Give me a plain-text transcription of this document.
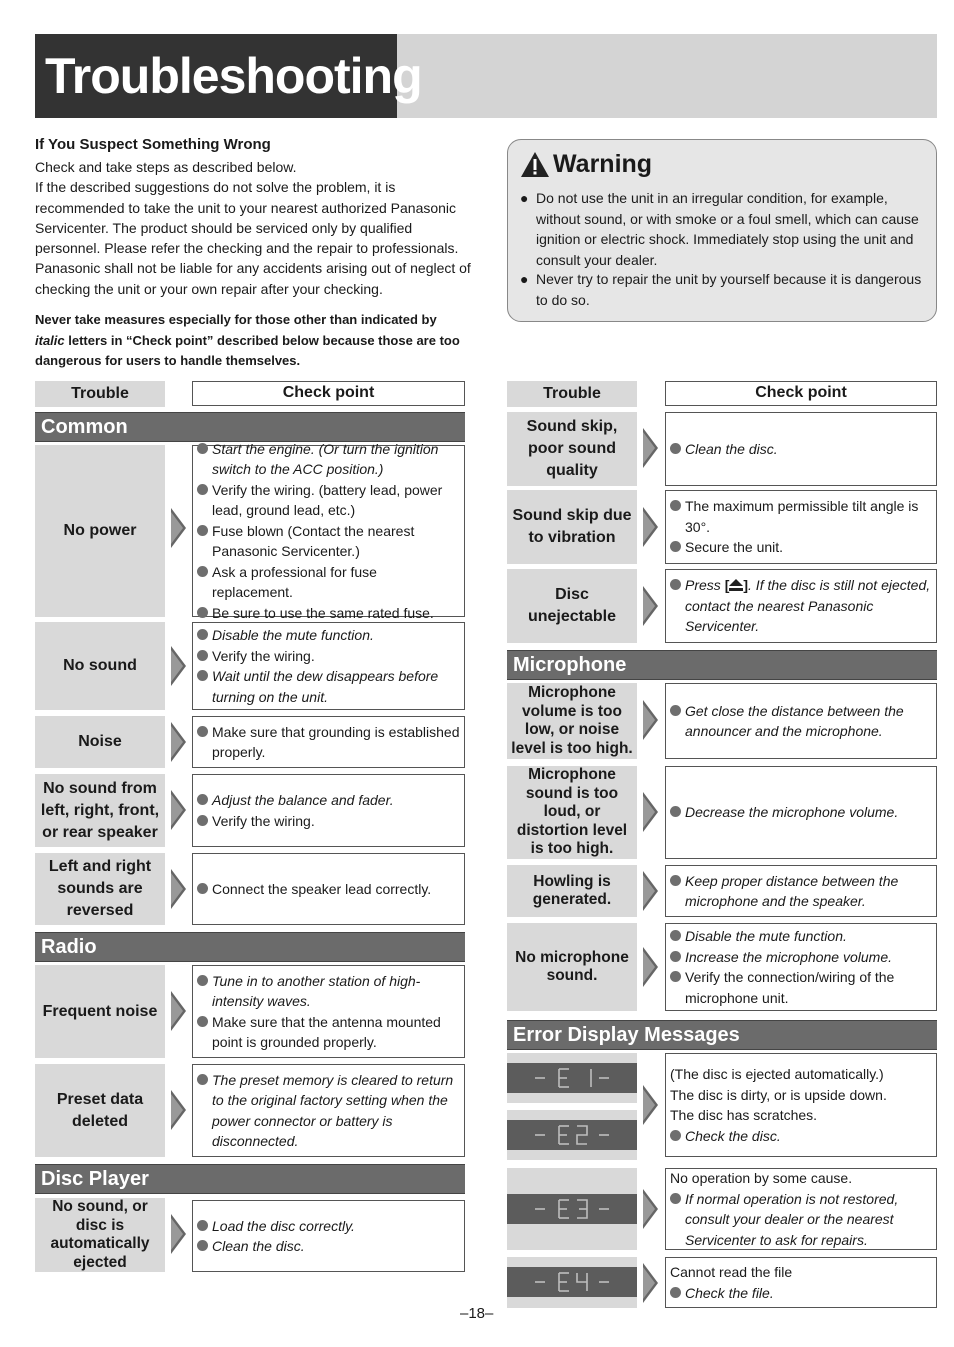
Troubleshooting
If You Suspect Something Wrong
Check and take steps as described below.
If the described suggestions do not solve the problem, it is recommended to take the unit to your nearest authorized Panasonic Servicenter. The product should be serviced only by qualified personnel. Please refer the checking and the repair to professionals. Panasonic shall not be liable for any accidents arising out of neglect of checking the unit or your own repair after your checking.
Never take measures especially for those other than indicated by italic letters in “Check point” described below because those are too dangerous for users to handle themselves.
Warning
● Do not use the unit in an irregular condition, for example, without sound, or with smoke or a foul smell, which can cause ignition or electric shock. Immediately stop using the unit and consult your dealer.
● Never try to repair the unit by yourself because it is dangerous to do so.
Trouble	Check point
Common
No power
Start the engine. (Or turn the ignition switch to the ACC position.)
Verify the wiring. (battery lead, power lead, ground lead, etc.)
Fuse blown (Contact the nearest Panasonic Servicenter.)
Ask a professional for fuse replacement.
Be sure to use the same rated fuse.
No sound
Disable the mute function.
Verify the wiring.
Wait until the dew disappears before turning on the unit.
Noise
Make sure that grounding is established properly.
No sound from left, right, front, or rear speaker
Adjust the balance and fader.
Verify the wiring.
Left and right sounds are reversed
Connect the speaker lead correctly.
Radio
Frequent noise
Tune in to another station of high-intensity waves.
Make sure that the antenna mounted point is grounded properly.
Preset data deleted
The preset memory is cleared to return to the original factory setting when the power connector or battery is disconnected.
Disc Player
No sound, or disc is automatically ejected
Load the disc correctly.
Clean the disc.
Trouble	Check point
Sound skip, poor sound quality
Clean the disc.
Sound skip due to vibration
The maximum permissible tilt angle is 30°.
Secure the unit.
Disc unejectable
Press [ ]. If the disc is still not ejected, contact the nearest Panasonic Servicenter.
Microphone
Microphone volume is too low, or noise level is too high.
Get close the distance between the announcer and the microphone.
Microphone sound is too loud, or distortion level is too high.
Decrease the microphone volume.
Howling is generated.
Keep proper distance between the microphone and the speaker.
No microphone sound.
Disable the mute function.
Increase the microphone volume.
Verify the connection/wiring of the microphone unit.
Error Display Messages
(The disc is ejected automatically.)
The disc is dirty, or is upside down.
The disc has scratches.
Check the disc.
No operation by some cause.
If normal operation is not restored, consult your dealer or the nearest Servicenter to ask for repairs.
Cannot read the file
Check the file.
–18–
